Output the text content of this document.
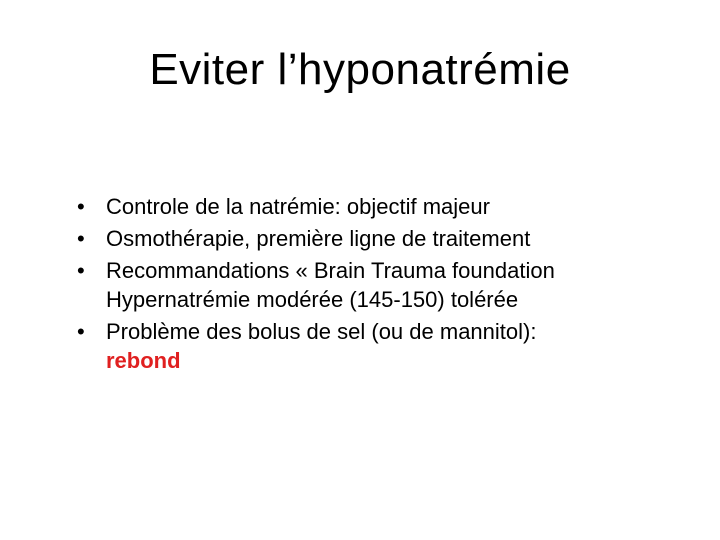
Eviter l’hyponatrémie
• Controle de la natrémie: objectif majeur
• Osmothérapie, première ligne de traitement
• Recommandations « Brain Trauma foundation
Hypernatrémie modérée (145-150) tolérée
• Problème des bolus de sel (ou de mannitol):
rebond
